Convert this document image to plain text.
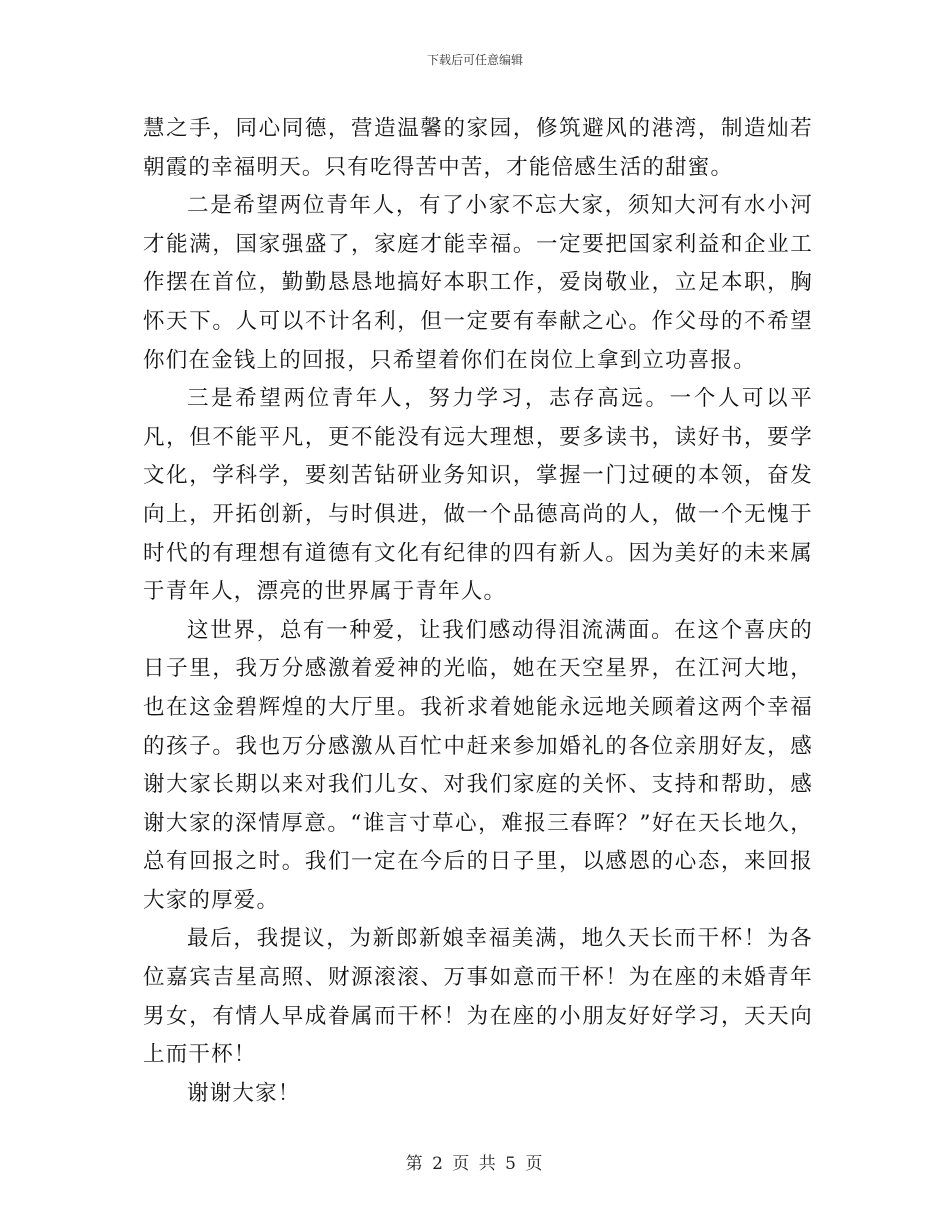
下载后可任意编辑

慧之手，同心同德，营造温馨的家园，修筑避风的港湾，制造灿若朝霞的幸福明天。只有吃得苦中苦，才能倍感生活的甜蜜。

二是希望两位青年人，有了小家不忘大家，须知大河有水小河才能满，国家强盛了，家庭才能幸福。一定要把国家利益和企业工作摆在首位，勤勤恳恳地搞好本职工作，爱岗敬业，立足本职，胸怀天下。人可以不计名利，但一定要有奉献之心。作父母的不希望你们在金钱上的回报，只希望着你们在岗位上拿到立功喜报。

三是希望两位青年人，努力学习，志存高远。一个人可以平凡，但不能平凡，更不能没有远大理想，要多读书，读好书，要学文化，学科学，要刻苦钻研业务知识，掌握一门过硬的本领，奋发向上，开拓创新，与时俱进，做一个品德高尚的人，做一个无愧于时代的有理想有道德有文化有纪律的四有新人。因为美好的未来属于青年人，漂亮的世界属于青年人。

这世界，总有一种爱，让我们感动得泪流满面。在这个喜庆的日子里，我万分感激着爱神的光临，她在天空星界，在江河大地，也在这金碧辉煌的大厅里。我祈求着她能永远地关顾着这两个幸福的孩子。我也万分感激从百忙中赶来参加婚礼的各位亲朋好友，感谢大家长期以来对我们儿女、对我们家庭的关怀、支持和帮助，感谢大家的深情厚意。“谁言寸草心，难报三春晖？”好在天长地久，总有回报之时。我们一定在今后的日子里，以感恩的心态，来回报大家的厚爱。

最后，我提议，为新郎新娘幸福美满，地久天长而干杯！为各位嘉宾吉星高照、财源滚滚、万事如意而干杯！为在座的未婚青年男女，有情人早成眷属而干杯！为在座的小朋友好好学习，天天向上而干杯！

谢谢大家！

第 2 页 共 5 页
